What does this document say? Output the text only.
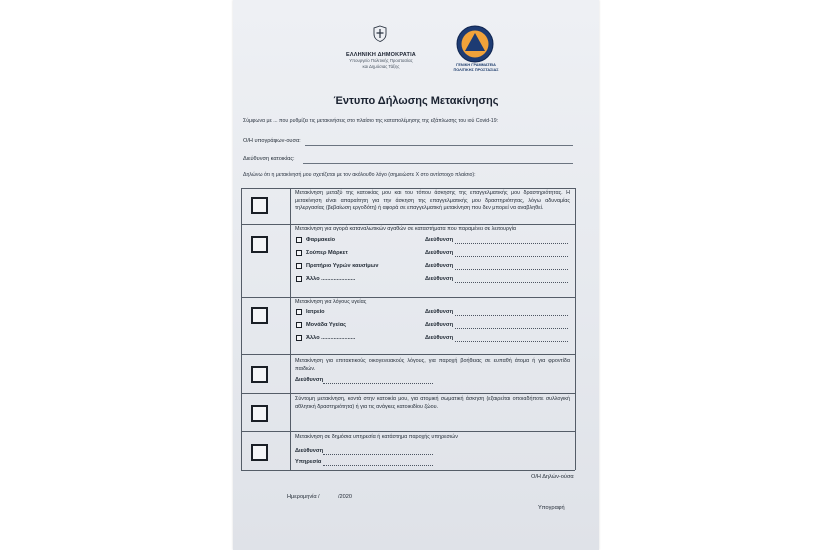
ΕΛΛΗΝΙΚΗ ΔΗΜΟΚΡΑΤΙΑ
Υπουργείο Πολιτικής Προστασίας
και Δημόσιας Τάξης	ΓΕΝΙΚΗ ΓΡΑΜΜΑΤΕΙΑ
ΠΟΛΙΤΙΚΗΣ ΠΡΟΣΤΑΣΙΑΣ
Έντυπο Δήλωσης Μετακίνησης
Σύμφωνα με ... που ρυθμίζει τις μετακινήσεις στο πλαίσιο της καταπολέμησης της εξάπλωσης του ιού Covid-19:
Ο/Η υπογράφων-ουσα:
Διεύθυνση κατοικίας:
Δηλώνω ότι η μετακίνησή μου σχετίζεται με τον ακόλουθο λόγο (σημειώστε Χ στο αντίστοιχο πλαίσιο):
Μετακίνηση μεταξύ της κατοικίας μου και του τόπου άσκησης της επαγγελματικής μου δραστηριότητας. Η μετακίνηση είναι απαραίτητη για την άσκηση της επαγγελματικής μου δραστηριότητας, λόγω αδυναμίας τηλεργασίας (βεβαίωση εργοδότη) ή αφορά σε επαγγελματική μετακίνηση που δεν μπορεί να αναβληθεί.
Μετακίνηση για αγορά καταναλωτικών αγαθών σε καταστήματα που παραμένει σε λειτουργία
Φαρμακείο	Διεύθυνση
Σούπερ Μάρκετ	Διεύθυνση
Πρατήριο Υγρών καυσίμων	Διεύθυνση
Άλλο ......................	Διεύθυνση
Μετακίνηση για λόγους υγείας
Ιατρείο	Διεύθυνση
Μονάδα Υγείας	Διεύθυνση
Άλλο ......................	Διεύθυνση
Μετακίνηση για επιτακτικούς οικογενειακούς λόγους, για παροχή βοήθειας σε ευπαθή άτομα ή για φροντίδα παιδιών.
Διεύθυνση
Σύντομη μετακίνηση, κοντά στην κατοικία μου, για ατομική σωματική άσκηση (εξαιρείται οποιαδήποτε συλλογική αθλητική δραστηριότητα) ή για τις ανάγκες κατοικιδίου ζώου.
Μετακίνηση σε δημόσια υπηρεσία ή κατάστημα παροχής υπηρεσιών
Διεύθυνση
Υπηρεσία
Ο/Η Δηλών-ούσα
Ημερομηνία /	/2020
Υπογραφή
